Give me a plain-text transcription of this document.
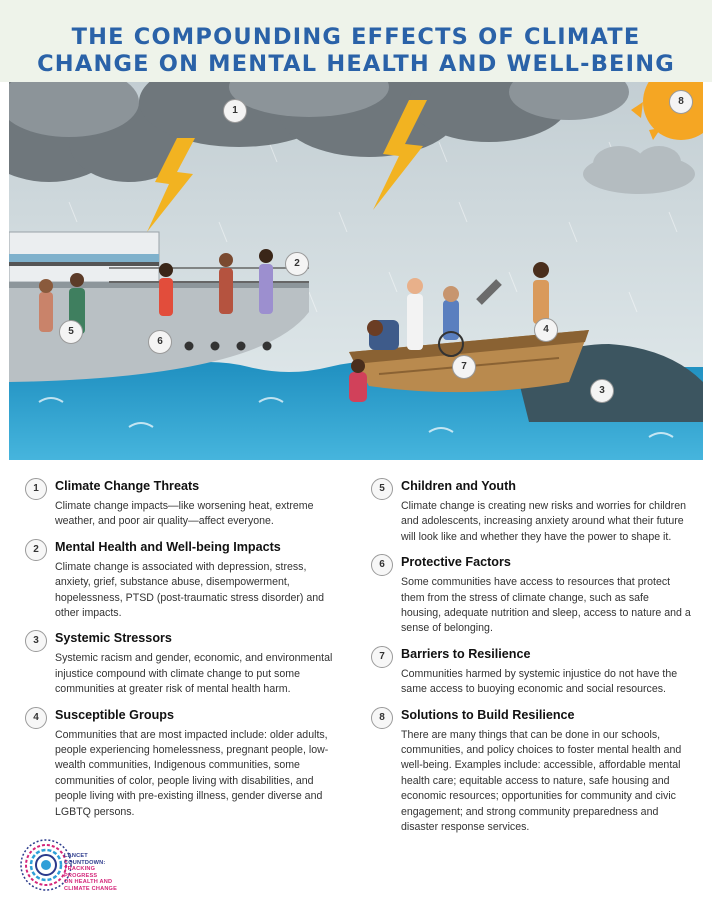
THE COMPOUNDING EFFECTS OF CLIMATE
CHANGE ON MENTAL HEALTH AND WELL-BEING
1
2
3
4
5
6
7
8
1	Climate Change Threats

Climate change impacts—like worsening heat, extreme weather, and poor air quality—affect everyone.

2	Mental Health and Well-being Impacts

Climate change is associated with depression, stress, anxiety, grief, substance abuse, disempowerment, hopelessness, PTSD (post-traumatic stress disorder) and other impacts.

3	Systemic Stressors

Systemic racism and gender, economic, and environmental injustice compound with climate change to put some communities at greater risk of mental health harm.

4	Susceptible Groups

Communities that are most impacted include: older adults, people experiencing homelessness, pregnant people, low-wealth communities, Indigenous communities, some communities of color, people living with disabilities, and people living with pre-existing illness, gender diverse and LGBTQ persons.

5	Children and Youth

Climate change is creating new risks and worries for children and adolescents, increasing anxiety around what their future will look like and whether they have the power to shape it.

6	Protective Factors

Some communities have access to resources that protect them from the stress of climate change, such as safe housing, adequate nutrition and sleep, access to nature and a sense of belonging.

7	Barriers to Resilience

Communities harmed by systemic injustice do not have the same access to buoying economic and social resources.

8	Solutions to Build Resilience

There are many things that can be done in our schools, communities, and policy choices to foster mental health and well-being. Examples include: accessible, affordable mental health care; equitable access to nature, safe housing and economic resources; opportunities for community and civic engagement; and strong community preparedness and disaster response services.

LANCET COUNTDOWN:
TRACKING PROGRESS
ON HEALTH AND
CLIMATE CHANGE
